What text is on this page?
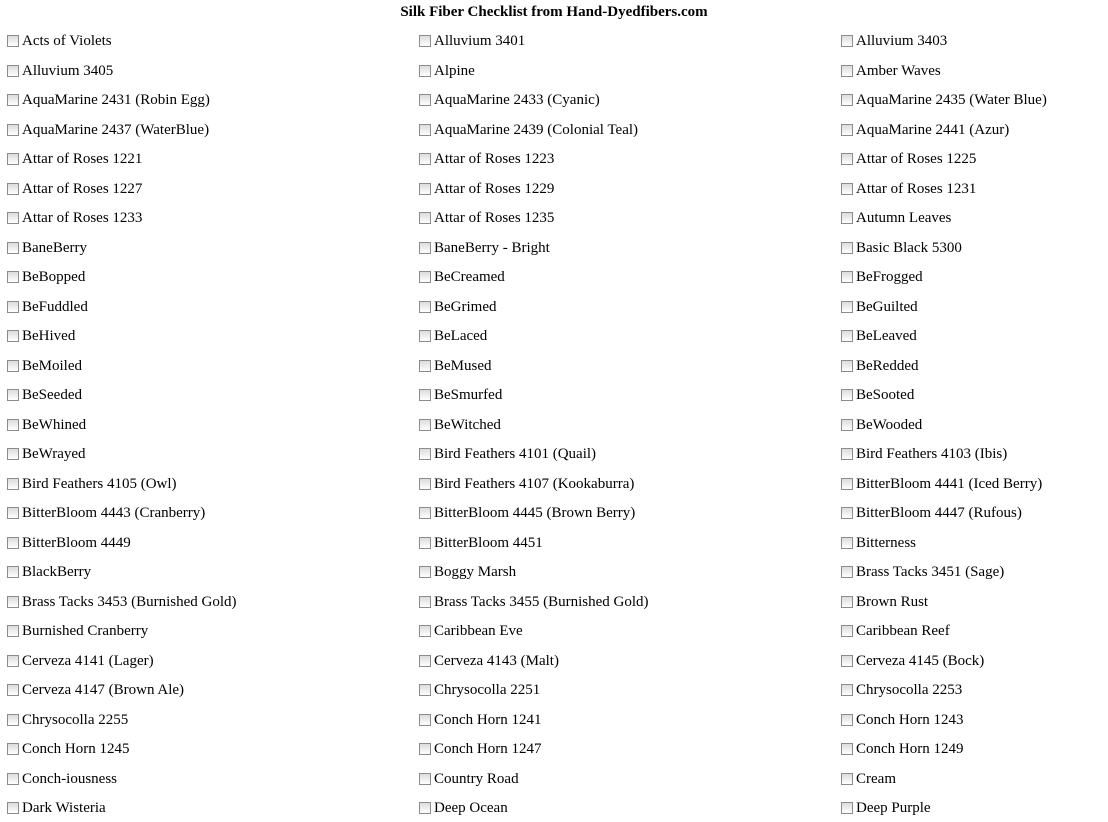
Silk Fiber Checklist from Hand-Dyedfibers.com
Acts of Violets	Alluvium 3401	Alluvium 3403
Alluvium 3405	Alpine	Amber Waves
AquaMarine 2431 (Robin Egg)	AquaMarine 2433 (Cyanic)	AquaMarine 2435 (Water Blue)
AquaMarine 2437 (WaterBlue)	AquaMarine 2439 (Colonial Teal)	AquaMarine 2441 (Azur)
Attar of Roses 1221	Attar of Roses 1223	Attar of Roses 1225
Attar of Roses 1227	Attar of Roses 1229	Attar of Roses 1231
Attar of Roses 1233	Attar of Roses 1235	Autumn Leaves
BaneBerry	BaneBerry - Bright	Basic Black 5300
BeBopped	BeCreamed	BeFrogged
BeFuddled	BeGrimed	BeGuilted
BeHived	BeLaced	BeLeaved
BeMoiled	BeMused	BeRedded
BeSeeded	BeSmurfed	BeSooted
BeWhined	BeWitched	BeWooded
BeWrayed	Bird Feathers 4101 (Quail)	Bird Feathers 4103 (Ibis)
Bird Feathers 4105 (Owl)	Bird Feathers 4107 (Kookaburra)	BitterBloom 4441 (Iced Berry)
BitterBloom 4443 (Cranberry)	BitterBloom 4445 (Brown Berry)	BitterBloom 4447 (Rufous)
BitterBloom 4449	BitterBloom 4451	Bitterness
BlackBerry	Boggy Marsh	Brass Tacks 3451 (Sage)
Brass Tacks 3453 (Burnished Gold)	Brass Tacks 3455 (Burnished Gold)	Brown Rust
Burnished Cranberry	Caribbean Eve	Caribbean Reef
Cerveza 4141 (Lager)	Cerveza 4143 (Malt)	Cerveza 4145 (Bock)
Cerveza 4147 (Brown Ale)	Chrysocolla 2251	Chrysocolla 2253
Chrysocolla 2255	Conch Horn 1241	Conch Horn 1243
Conch Horn 1245	Conch Horn 1247	Conch Horn 1249
Conch-iousness	Country Road	Cream
Dark Wisteria	Deep Ocean	Deep Purple
